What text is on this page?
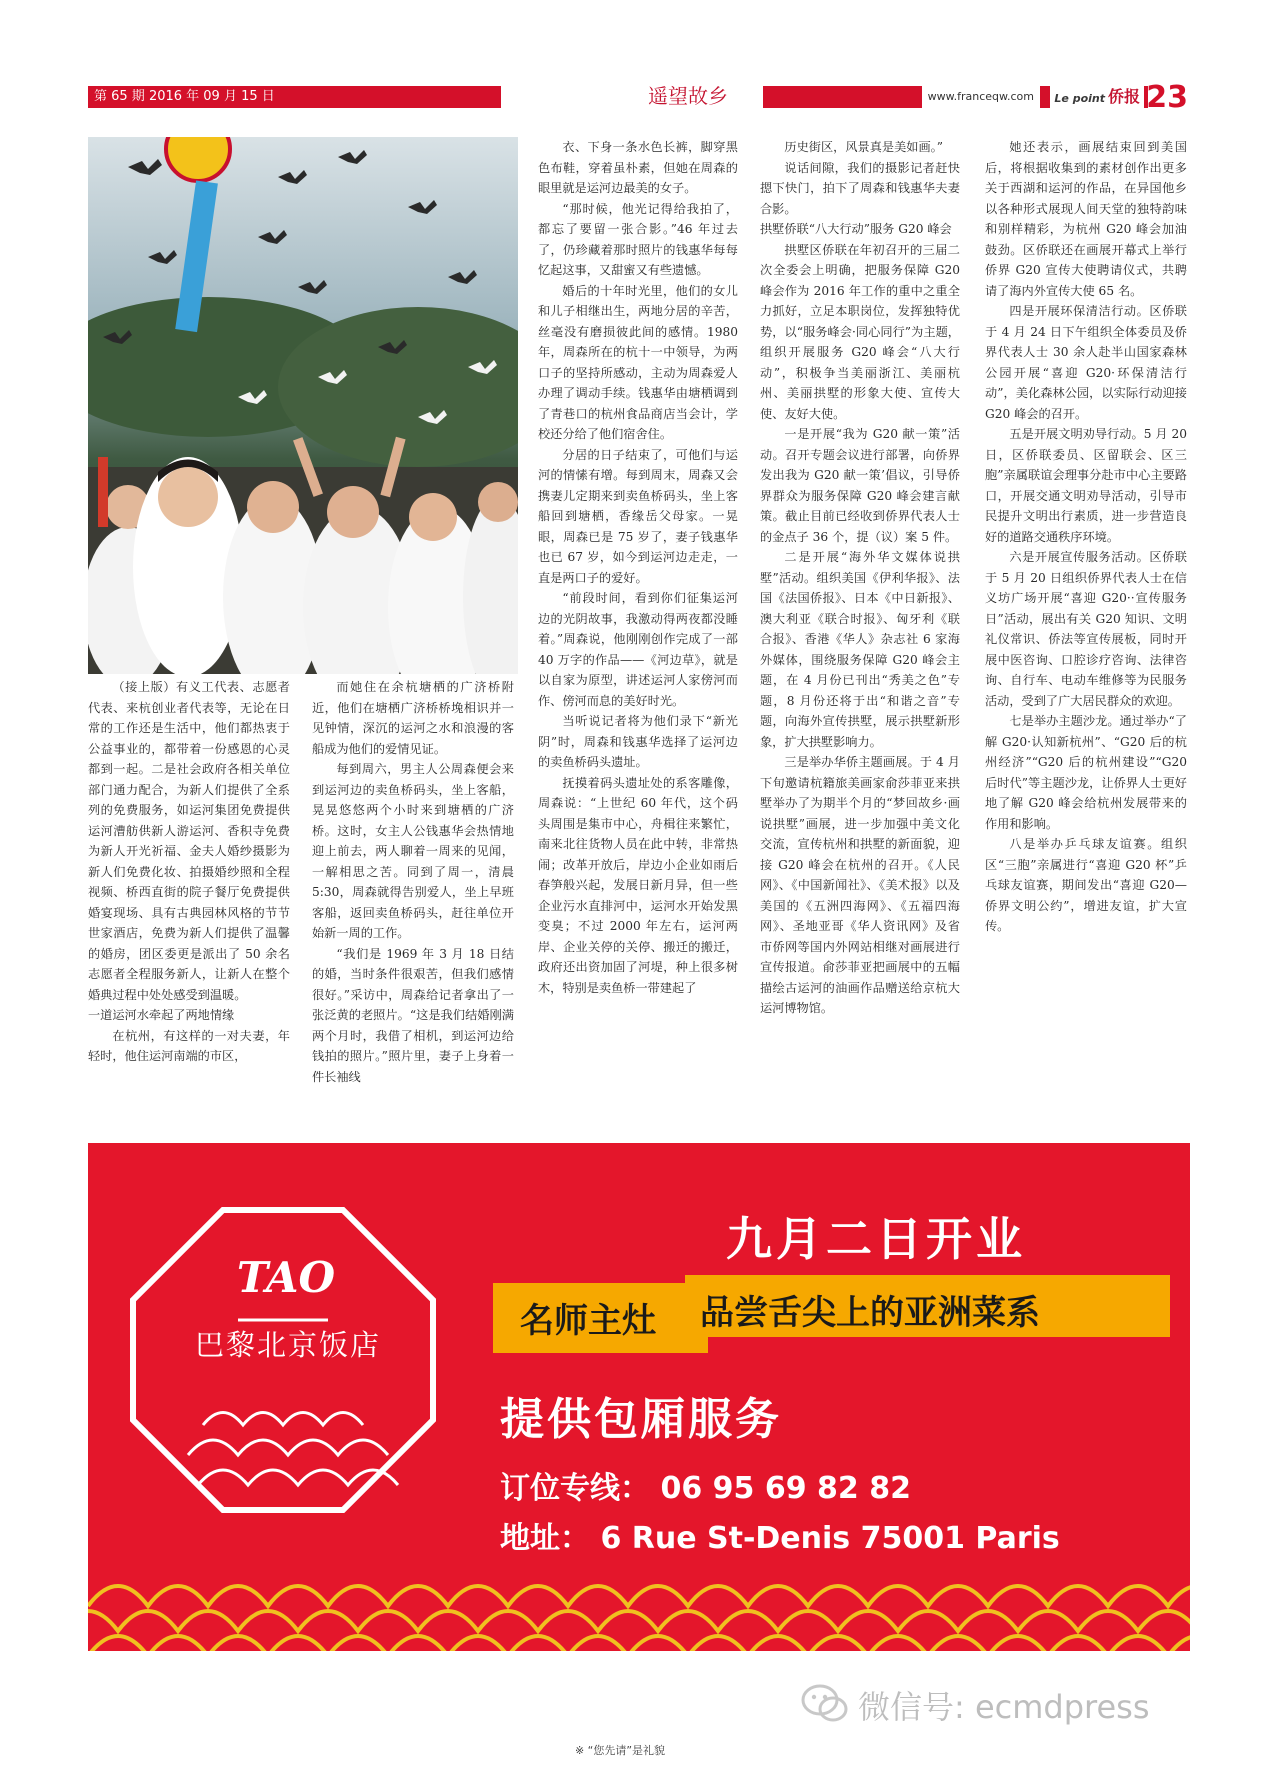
第 65 期 2016 年 09 月 15 日	遥望故乡	www.franceqw.com	Le point 侨报 23

（接上版）有义工代表、志愿者代表、来杭创业者代表等，无论在日常的工作还是生活中，他们都热衷于公益事业的，都带着一份感恩的心灵都到一起。二是社会政府各相关单位部门通力配合，为新人们提供了全系列的免费服务，如运河集团免费提供运河漕舫供新人游运河、香积寺免费为新人开光祈福、金夫人婚纱摄影为新人们免费化妆、拍摄婚纱照和全程视频、桥西直街的院子餐厅免费提供婚宴现场、具有古典园林风格的节节世家酒店，免费为新人们提供了温馨的婚房，团区委更是派出了 50 余名志愿者全程服务新人，让新人在整个婚典过程中处处感受到温暖。

一道运河水牵起了两地情缘

在杭州，有这样的一对夫妻，年轻时，他住运河南端的市区，

而她住在余杭塘栖的广济桥附近，他们在塘栖广济桥桥堍相识并一见钟情，深沉的运河之水和浪漫的客船成为他们的爱情见证。

每到周六，男主人公周森便会来到运河边的卖鱼桥码头，坐上客船，晃晃悠悠两个小时来到塘栖的广济桥。这时，女主人公钱惠华会热情地迎上前去，两人聊着一周来的见闻，一解相思之苦。同到了周一，清晨 5:30，周森就得告别爱人，坐上早班客船，返回卖鱼桥码头，赶往单位开始新一周的工作。

“我们是 1969 年 3 月 18 日结的婚，当时条件很艰苦，但我们感情很好。”采访中，周森给记者拿出了一张泛黄的老照片。“这是我们结婚刚满两个月时，我借了相机，到运河边给钱拍的照片。”照片里，妻子上身着一件长袖线

衣、下身一条水色长裤，脚穿黑色布鞋，穿着虽朴素，但她在周森的眼里就是运河边最美的女子。

“那时候，他光记得给我拍了，都忘了要留一张合影。”46 年过去了，仍珍藏着那时照片的钱惠华每每忆起这事，又甜蜜又有些遗憾。

婚后的十年时光里，他们的女儿和儿子相继出生，两地分居的辛苦，丝毫没有磨损彼此间的感情。1980 年，周森所在的杭十一中领导，为两口子的坚持所感动，主动为周森爱人办理了调动手续。钱惠华由塘栖调到了青巷口的杭州食品商店当会计，学校还分给了他们宿舍住。

分居的日子结束了，可他们与运河的情愫有增。每到周末，周森又会携妻儿定期来到卖鱼桥码头，坐上客船回到塘栖，香缘岳父母家。一晃眼，周森已是 75 岁了，妻子钱惠华也已 67 岁，如今到运河边走走，一直是两口子的爱好。

“前段时间，看到你们征集运河边的光阴故事，我激动得两夜都没睡着。”周森说，他刚刚创作完成了一部 40 万字的作品——《河边草》，就是以自家为原型，讲述运河人家傍河而作、傍河而息的美好时光。

当听说记者将为他们录下“新光阴”时，周森和钱惠华选择了运河边的卖鱼桥码头遗址。

抚摸着码头遗址处的系客雕像，周森说：“上世纪 60 年代，这个码头周围是集市中心，舟楫往来繁忙，南来北往货物人员在此中转，非常热闹；改革开放后，岸边小企业如雨后春笋般兴起，发展日新月异，但一些企业污水直排河中，运河水开始发黑变臭；不过 2000 年左右，运河两岸、企业关停的关停、搬迁的搬迁，政府还出资加固了河堤，种上很多树木，特别是卖鱼桥一带建起了

历史街区，风景真是美如画。”

说话间隙，我们的摄影记者赶快摁下快门，拍下了周森和钱惠华夫妻合影。

拱墅侨联“八大行动”服务 G20 峰会

拱墅区侨联在年初召开的三届二次全委会上明确，把服务保障 G20 峰会作为 2016 年工作的重中之重全力抓好，立足本职岗位，发挥独特优势，以“服务峰会·同心同行”为主题，组织开展服务 G20 峰会“八大行动”，积极争当美丽浙江、美丽杭州、美丽拱墅的形象大使、宣传大使、友好大使。

一是开展“我为 G20 献一策”活动。召开专题会议进行部署，向侨界发出我为 G20 献一策’倡议，引导侨界群众为服务保障 G20 峰会建言献策。截止目前已经收到侨界代表人士的金点子 36 个，提（议）案 5 件。

二是开展“海外华文媒体说拱墅”活动。组织美国《伊利华报》、法国《法国侨报》、日本《中日新报》、澳大利亚《联合时报》、匈牙利《联合报》、香港《华人》杂志社 6 家海外媒体，围绕服务保障 G20 峰会主题，在 4 月份已刊出“秀美之色”专题，8 月份还将于出“和谐之音”专题，向海外宣传拱墅，展示拱墅新形象，扩大拱墅影响力。

三是举办华侨主题画展。于 4 月下旬邀请杭籍旅美画家俞莎菲亚来拱墅举办了为期半个月的“梦回故乡·画说拱墅”画展，进一步加强中美文化交流，宣传杭州和拱墅的新面貌，迎接 G20 峰会在杭州的召开。《人民网》、《中国新闻社》、《美术报》以及美国的《五洲四海网》、《五福四海网》、圣地亚哥《华人资讯网》及省市侨网等国内外网站相继对画展进行宣传报道。俞莎菲亚把画展中的五幅描绘古运河的油画作品赠送给京杭大运河博物馆。

她还表示，画展结束回到美国后，将根据收集到的素材创作出更多关于西湖和运河的作品，在异国他乡以各种形式展现人间天堂的独特韵味和别样精彩，为杭州 G20 峰会加油鼓劲。区侨联还在画展开幕式上举行侨界 G20 宣传大使聘请仪式，共聘请了海内外宣传大使 65 名。

四是开展环保清洁行动。区侨联于 4 月 24 日下午组织全体委员及侨界代表人士 30 余人赴半山国家森林公园开展“喜迎 G20·环保清洁行动”，美化森林公园，以实际行动迎接 G20 峰会的召开。

五是开展文明劝导行动。5 月 20 日，区侨联委员、区留联会、区三胞”亲属联谊会理事分赴市中心主要路口，开展交通文明劝导活动，引导市民提升文明出行素质，进一步营造良好的道路交通秩序环境。

六是开展宣传服务活动。区侨联于 5 月 20 日组织侨界代表人士在信义坊广场开展“喜迎 G20··宣传服务日”活动，展出有关 G20 知识、文明礼仪常识、侨法等宣传展板，同时开展中医咨询、口腔诊疗咨询、法律咨询、自行车、电动车维修等为民服务活动，受到了广大居民群众的欢迎。

七是举办主题沙龙。通过举办“了解 G20·认知新杭州”、“G20 后的杭州经济”“G20 后的杭州建设”“G20 后时代”等主题沙龙，让侨界人士更好地了解 G20 峰会给杭州发展带来的作用和影响。

八是举办乒乓球友谊赛。组织区“三胞”亲属进行“喜迎 G20 杯”乒乓球友谊赛，期间发出“喜迎 G20—侨界文明公约”，增进友谊，扩大宣传。

TAO
巴黎北京饭店
九月二日开业
名师主灶 品尝舌尖上的亚洲菜系
提供包厢服务
订位专线： 06 95 69 82 82
地址： 6 Rue St-Denis 75001 Paris
微信号: ecmdpress
※ “您先请”是礼貌
